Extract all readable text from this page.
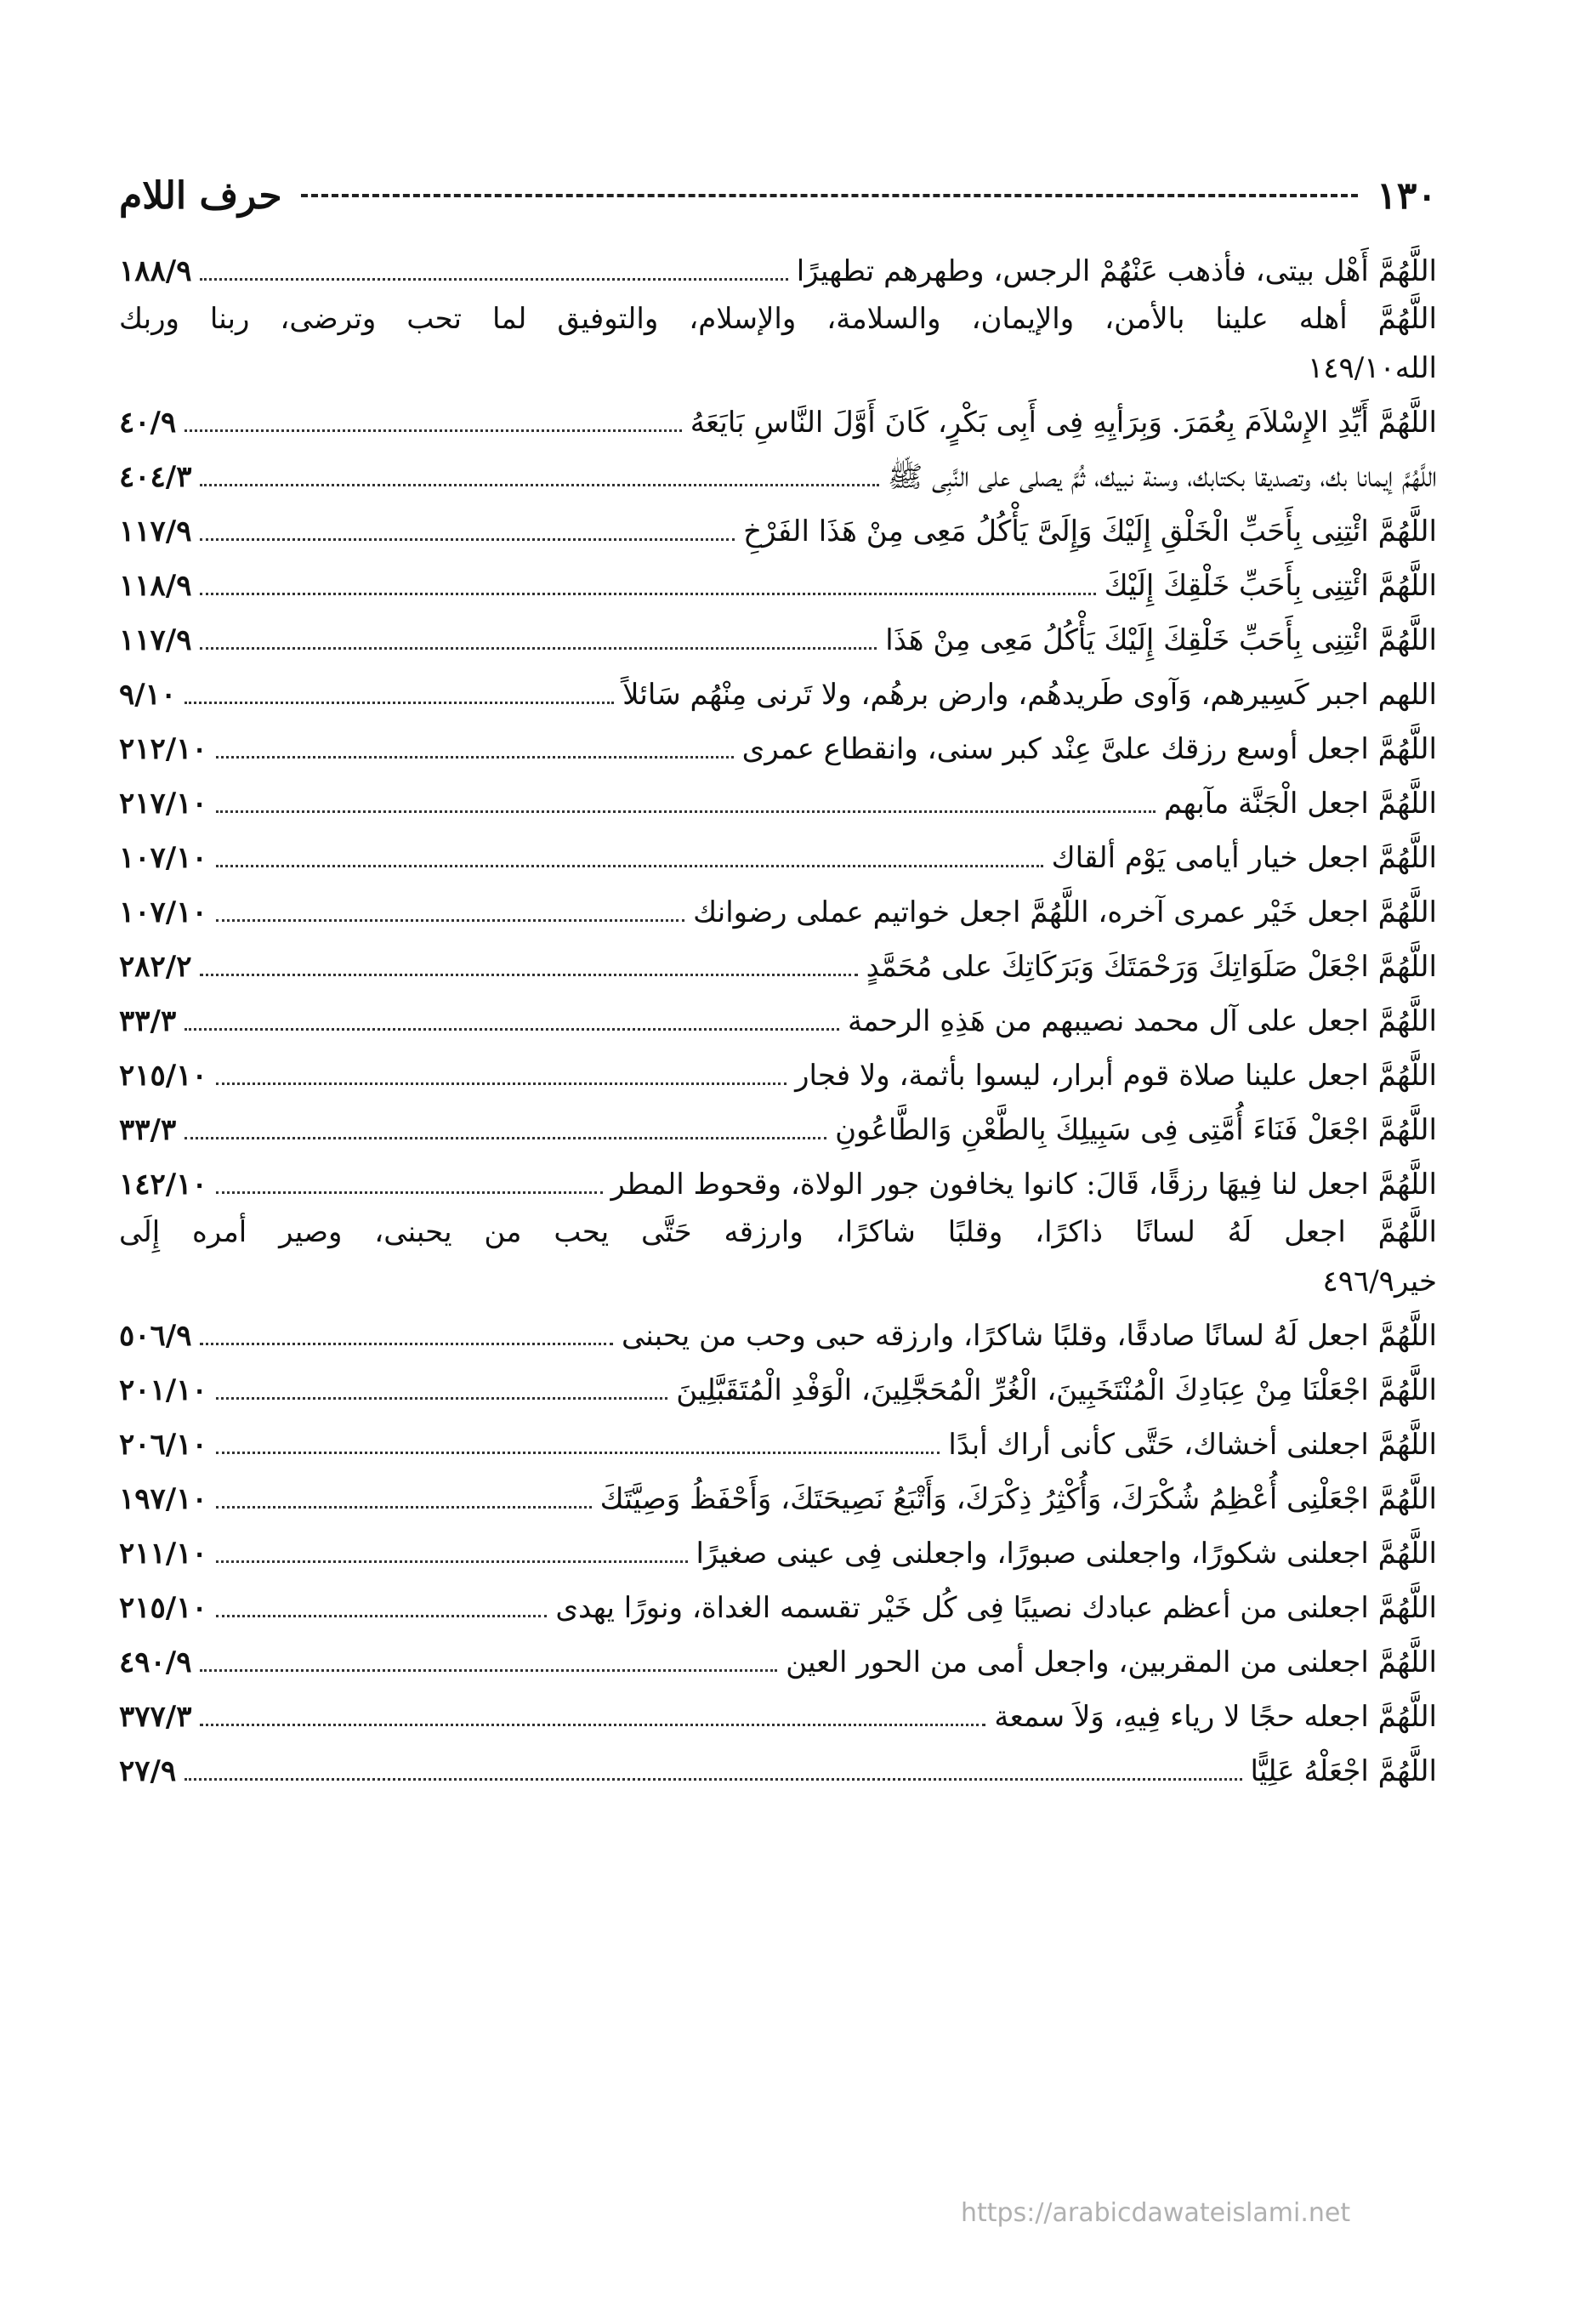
١٣٠
حرف اللام
اللَّهُمَّ أَهْل بيتى، فأذهب عَنْهُمْ الرجس، وطهرهم تطهيرًا
١٨٨/٩
اللَّهُمَّ أهله علينا بالأمن، والإيمان، والسلامة، والإسلام، والتوفيق لما تحب وترضى، ربنا وربك
الله
١٤٩/١٠
اللَّهُمَّ أَيِّدِ الإِسْلاَمَ بِعُمَرَ. وَبِرَأيِهِ فِى أَبِى بَكْرٍ، كَانَ أَوَّلَ النَّاسِ بَايَعَهُ
٤٠/٩
اللَّهُمَّ إيمانا بك، وتصديقا بكتابك، وسنة نبيك، ثُمَّ يصلى على النَّبِى ﷺ
٤٠٤/٣
اللَّهُمَّ ائْتِنِى بِأَحَبِّ الْخَلْقِ إِلَيْكَ وَإِلَىَّ يَأْكُلُ مَعِى مِنْ هَذَا الفَرْخِ
١١٧/٩
اللَّهُمَّ ائْتِنِى بِأَحَبِّ خَلْقِكَ إِلَيْكَ
١١٨/٩
اللَّهُمَّ ائْتِنِى بِأَحَبِّ خَلْقِكَ إِلَيْكَ يَأْكُلُ مَعِى مِنْ هَذَا
١١٧/٩
اللهم اجبر كَسِيرهم، وَآوى طَريدهُم، وارض برهُم، ولا تَرنى مِنْهُم سَائلاً
٩/١٠
اللَّهُمَّ اجعل أوسع رزقك علىَّ عِنْد كبر سنى، وانقطاع عمرى
٢١٢/١٠
اللَّهُمَّ اجعل الْجَنَّة مآبهم
٢١٧/١٠
اللَّهُمَّ اجعل خيار أيامى يَوْم ألقاك
١٠٧/١٠
اللَّهُمَّ اجعل خَيْر عمرى آخره، اللَّهُمَّ اجعل خواتيم عملى رضوانك
١٠٧/١٠
اللَّهُمَّ اجْعَلْ صَلَوَاتِكَ وَرَحْمَتَكَ وَبَرَكَاتِكَ على مُحَمَّدٍ
٢٨٢/٢
اللَّهُمَّ اجعل على آل محمد نصيبهم من هَذِهِ الرحمة
٣٣/٣
اللَّهُمَّ اجعل علينا صلاة قوم أبرار، ليسوا بأثمة، ولا فجار
٢١٥/١٠
اللَّهُمَّ اجْعَلْ فَنَاءَ أُمَّتِى فِى سَبِيلِكَ بِالطَّعْنِ وَالطَّاعُونِ
٣٣/٣
اللَّهُمَّ اجعل لنا فِيهَا رزقًا، قَالَ: كانوا يخافون جور الولاة، وقحوط المطر
١٤٢/١٠
اللَّهُمَّ اجعل لَهُ لسانًا ذاكرًا، وقلبًا شاكرًا، وارزقه حَتَّى يحب من يحبنى، وصير أمره إِلَى
خير
٤٩٦/٩
اللَّهُمَّ اجعل لَهُ لسانًا صادقًا، وقلبًا شاكرًا، وارزقه حبى وحب من يحبنى
٥٠٦/٩
اللَّهُمَّ اجْعَلْنَا مِنْ عِبَادِكَ الْمُنْتَخَبِينَ، الْغُرِّ الْمُحَجَّلِينَ، الْوَفْدِ الْمُتَقَبَّلِينَ
٢٠١/١٠
اللَّهُمَّ اجعلنى أخشاك، حَتَّى كأنى أراك أبدًا
٢٠٦/١٠
اللَّهُمَّ اجْعَلْنِى أُعْظِمُ شُكْرَكَ، وَأُكْثِرُ ذِكْرَكَ، وَأَتْبَعُ نَصِيحَتَكَ، وَأَحْفَظُ وَصِيَّتَكَ
١٩٧/١٠
اللَّهُمَّ اجعلنى شكورًا، واجعلنى صبورًا، واجعلنى فِى عينى صغيرًا
٢١١/١٠
اللَّهُمَّ اجعلنى من أعظم عبادك نصيبًا فِى كُل خَيْر تقسمه الغداة، ونورًا يهدى
٢١٥/١٠
اللَّهُمَّ اجعلنى من المقربين، واجعل أمى من الحور العين
٤٩٠/٩
اللَّهُمَّ اجعله حجًا لا رياء فِيهِ، وَلاَ سمعة
٣٧٧/٣
اللَّهُمَّ اجْعَلْهُ عَلِيًّا
٢٧/٩
https://arabicdawateislami.net
